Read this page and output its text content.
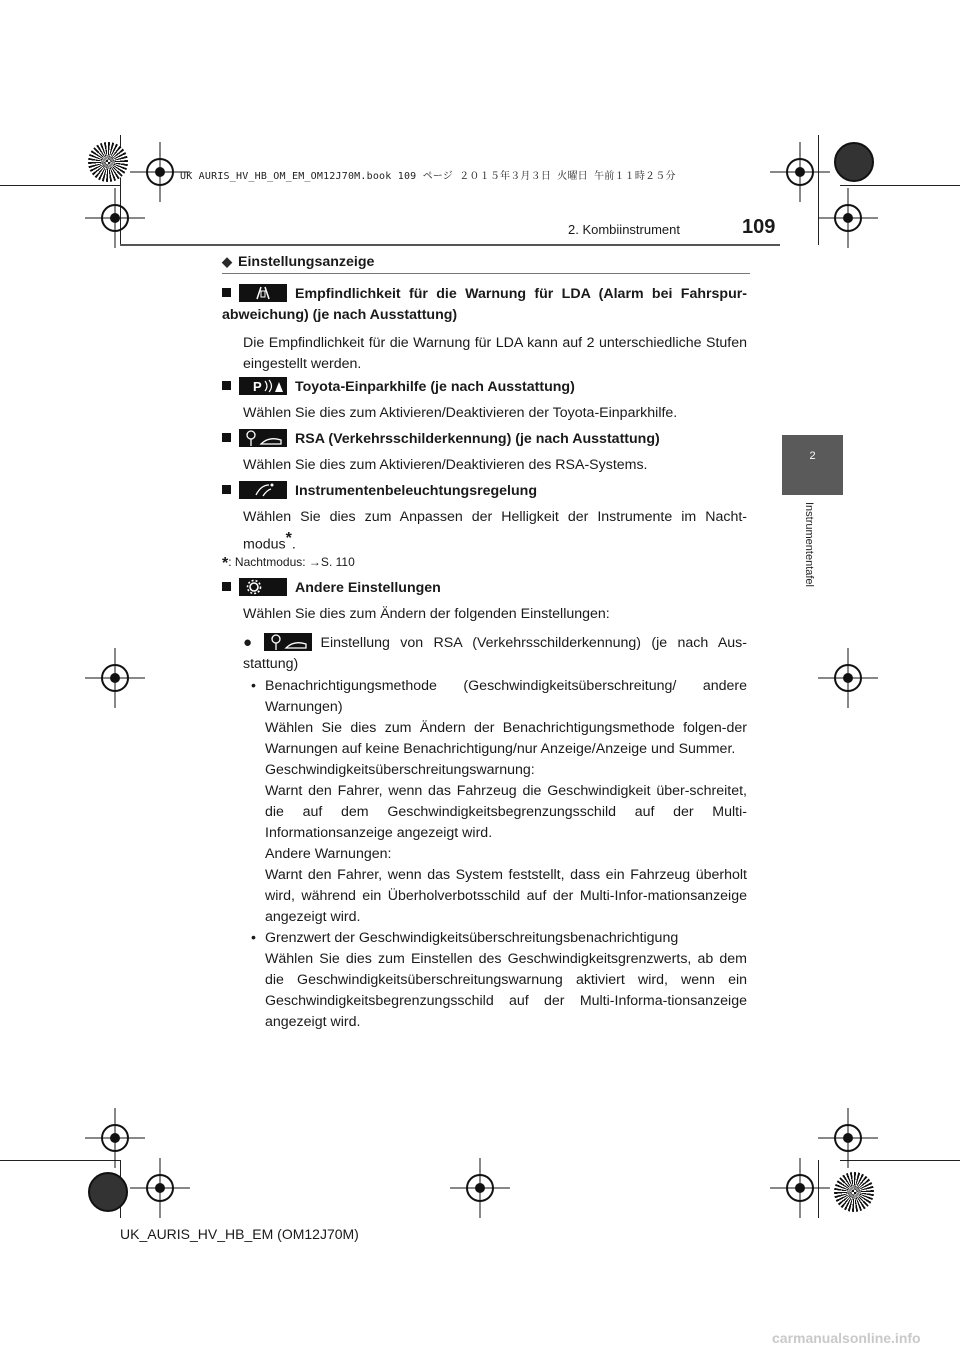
UK AURIS_HV_HB_OM_EM_OM12J70M.book 109 ページ ２０１５年３月３日 火曜日 午前１１時２５分
2. Kombiinstrument	109
2
Instrumententafel
◆ Einstellungsanzeige
Empfindlichkeit für die Warnung für LDA (Alarm bei Fahrspur-abweichung) (je nach Ausstattung)
Die Empfindlichkeit für die Warnung für LDA kann auf 2 unterschiedliche Stufen eingestellt werden.
P Toyota-Einparkhilfe (je nach Ausstattung)
Wählen Sie dies zum Aktivieren/Deaktivieren der Toyota-Einparkhilfe.
RSA (Verkehrsschilderkennung) (je nach Ausstattung)
Wählen Sie dies zum Aktivieren/Deaktivieren des RSA-Systems.
Instrumentenbeleuchtungsregelung
Wählen Sie dies zum Anpassen der Helligkeit der Instrumente im Nacht-modus*.
*: Nachtmodus: →S. 110
Andere Einstellungen
Wählen Sie dies zum Ändern der folgenden Einstellungen:
●	Einstellung von RSA (Verkehrsschilderkennung) (je nach Aus-stattung)
• Benachrichtigungsmethode (Geschwindigkeitsüberschreitung/ andere Warnungen)
Wählen Sie dies zum Ändern der Benachrichtigungsmethode folgen-der Warnungen auf keine Benachrichtigung/nur Anzeige/Anzeige und Summer.
Geschwindigkeitsüberschreitungswarnung:
Warnt den Fahrer, wenn das Fahrzeug die Geschwindigkeit über-schreitet, die auf dem Geschwindigkeitsbegrenzungsschild auf der Multi-Informationsanzeige angezeigt wird.
Andere Warnungen:
Warnt den Fahrer, wenn das System feststellt, dass ein Fahrzeug überholt wird, während ein Überholverbotsschild auf der Multi-Infor-mationsanzeige angezeigt wird.
• Grenzwert der Geschwindigkeitsüberschreitungsbenachrichtigung
Wählen Sie dies zum Einstellen des Geschwindigkeitsgrenzwerts, ab dem die Geschwindigkeitsüberschreitungswarnung aktiviert wird, wenn ein Geschwindigkeitsbegrenzungsschild auf der Multi-Informa-tionsanzeige angezeigt wird.
UK_AURIS_HV_HB_EM (OM12J70M)
carmanualsonline.info
